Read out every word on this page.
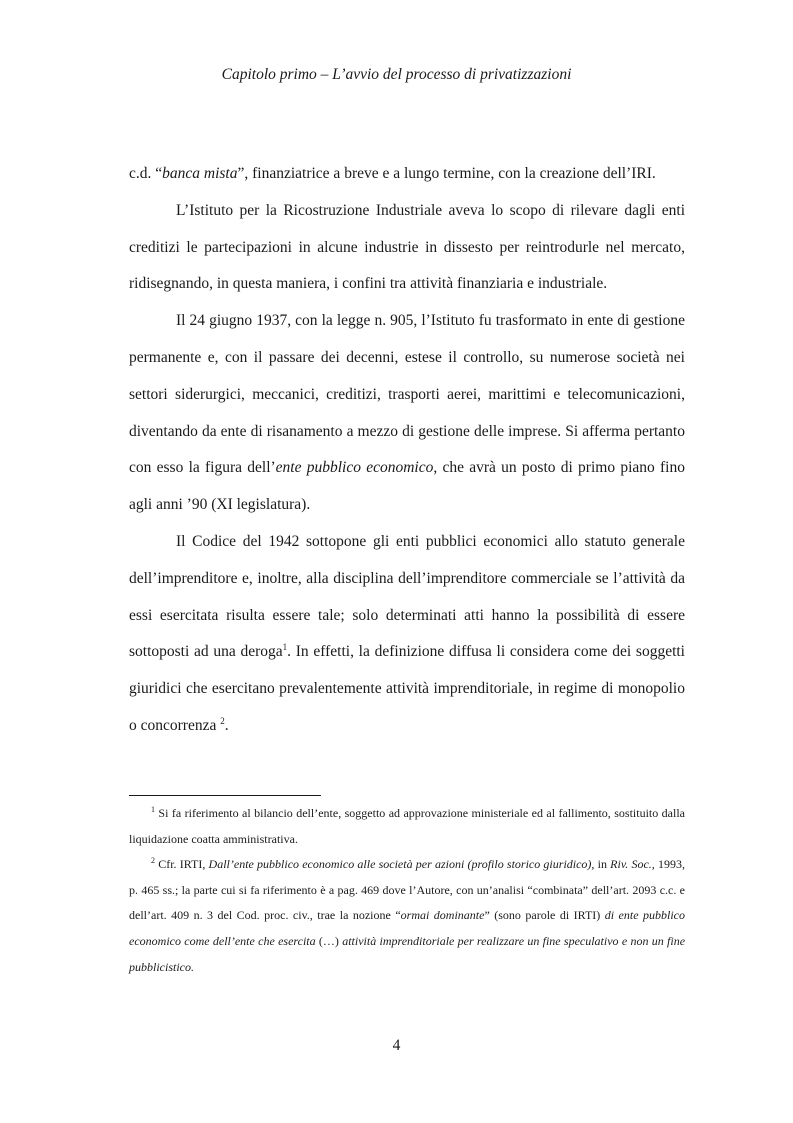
Capitolo primo – L’avvio del processo di privatizzazioni

c.d. “banca mista”, finanziatrice a breve e a lungo termine, con la creazione dell’IRI.

L’Istituto per la Ricostruzione Industriale aveva lo scopo di rilevare dagli enti creditizi le partecipazioni in alcune industrie in dissesto per reintrodurle nel mercato, ridisegnando, in questa maniera, i confini tra attività finanziaria e industriale.

Il 24 giugno 1937, con la legge n. 905, l’Istituto fu trasformato in ente di gestione permanente e, con il passare dei decenni, estese il controllo, su numerose società nei settori siderurgici, meccanici, creditizi, trasporti aerei, marittimi e telecomunicazioni, diventando da ente di risanamento a mezzo di gestione delle imprese. Si afferma pertanto con esso la figura dell’ente pubblico economico, che avrà un posto di primo piano fino agli anni ’90 (XI legislatura).

Il Codice del 1942 sottopone gli enti pubblici economici allo statuto generale dell’imprenditore e, inoltre, alla disciplina dell’imprenditore commerciale se l’attività da essi esercitata risulta essere tale; solo determinati atti hanno la possibilità di essere sottoposti ad una deroga$^1$. In effetti, la definizione diffusa li considera come dei soggetti giuridici che esercitano prevalentemente attività imprenditoriale, in regime di monopolio o concorrenza $^2$.

$^1$ Si fa riferimento al bilancio dell’ente, soggetto ad approvazione ministeriale ed al fallimento, sostituito dalla liquidazione coatta amministrativa.

$^2$ Cfr. IRTI, Dall’ente pubblico economico alle società per azioni (profilo storico giuridico), in Riv. Soc., 1993, p. 465 ss.; la parte cui si fa riferimento è a pag. 469 dove l’Autore, con un’analisi “combinata” dell’art. 2093 c.c. e dell’art. 409 n. 3 del Cod. proc. civ., trae la nozione “ormai dominante” (sono parole di IRTI) di ente pubblico economico come dell’ente che esercita (…) attività imprenditoriale per realizzare un fine speculativo e non un fine pubblicistico.

4
